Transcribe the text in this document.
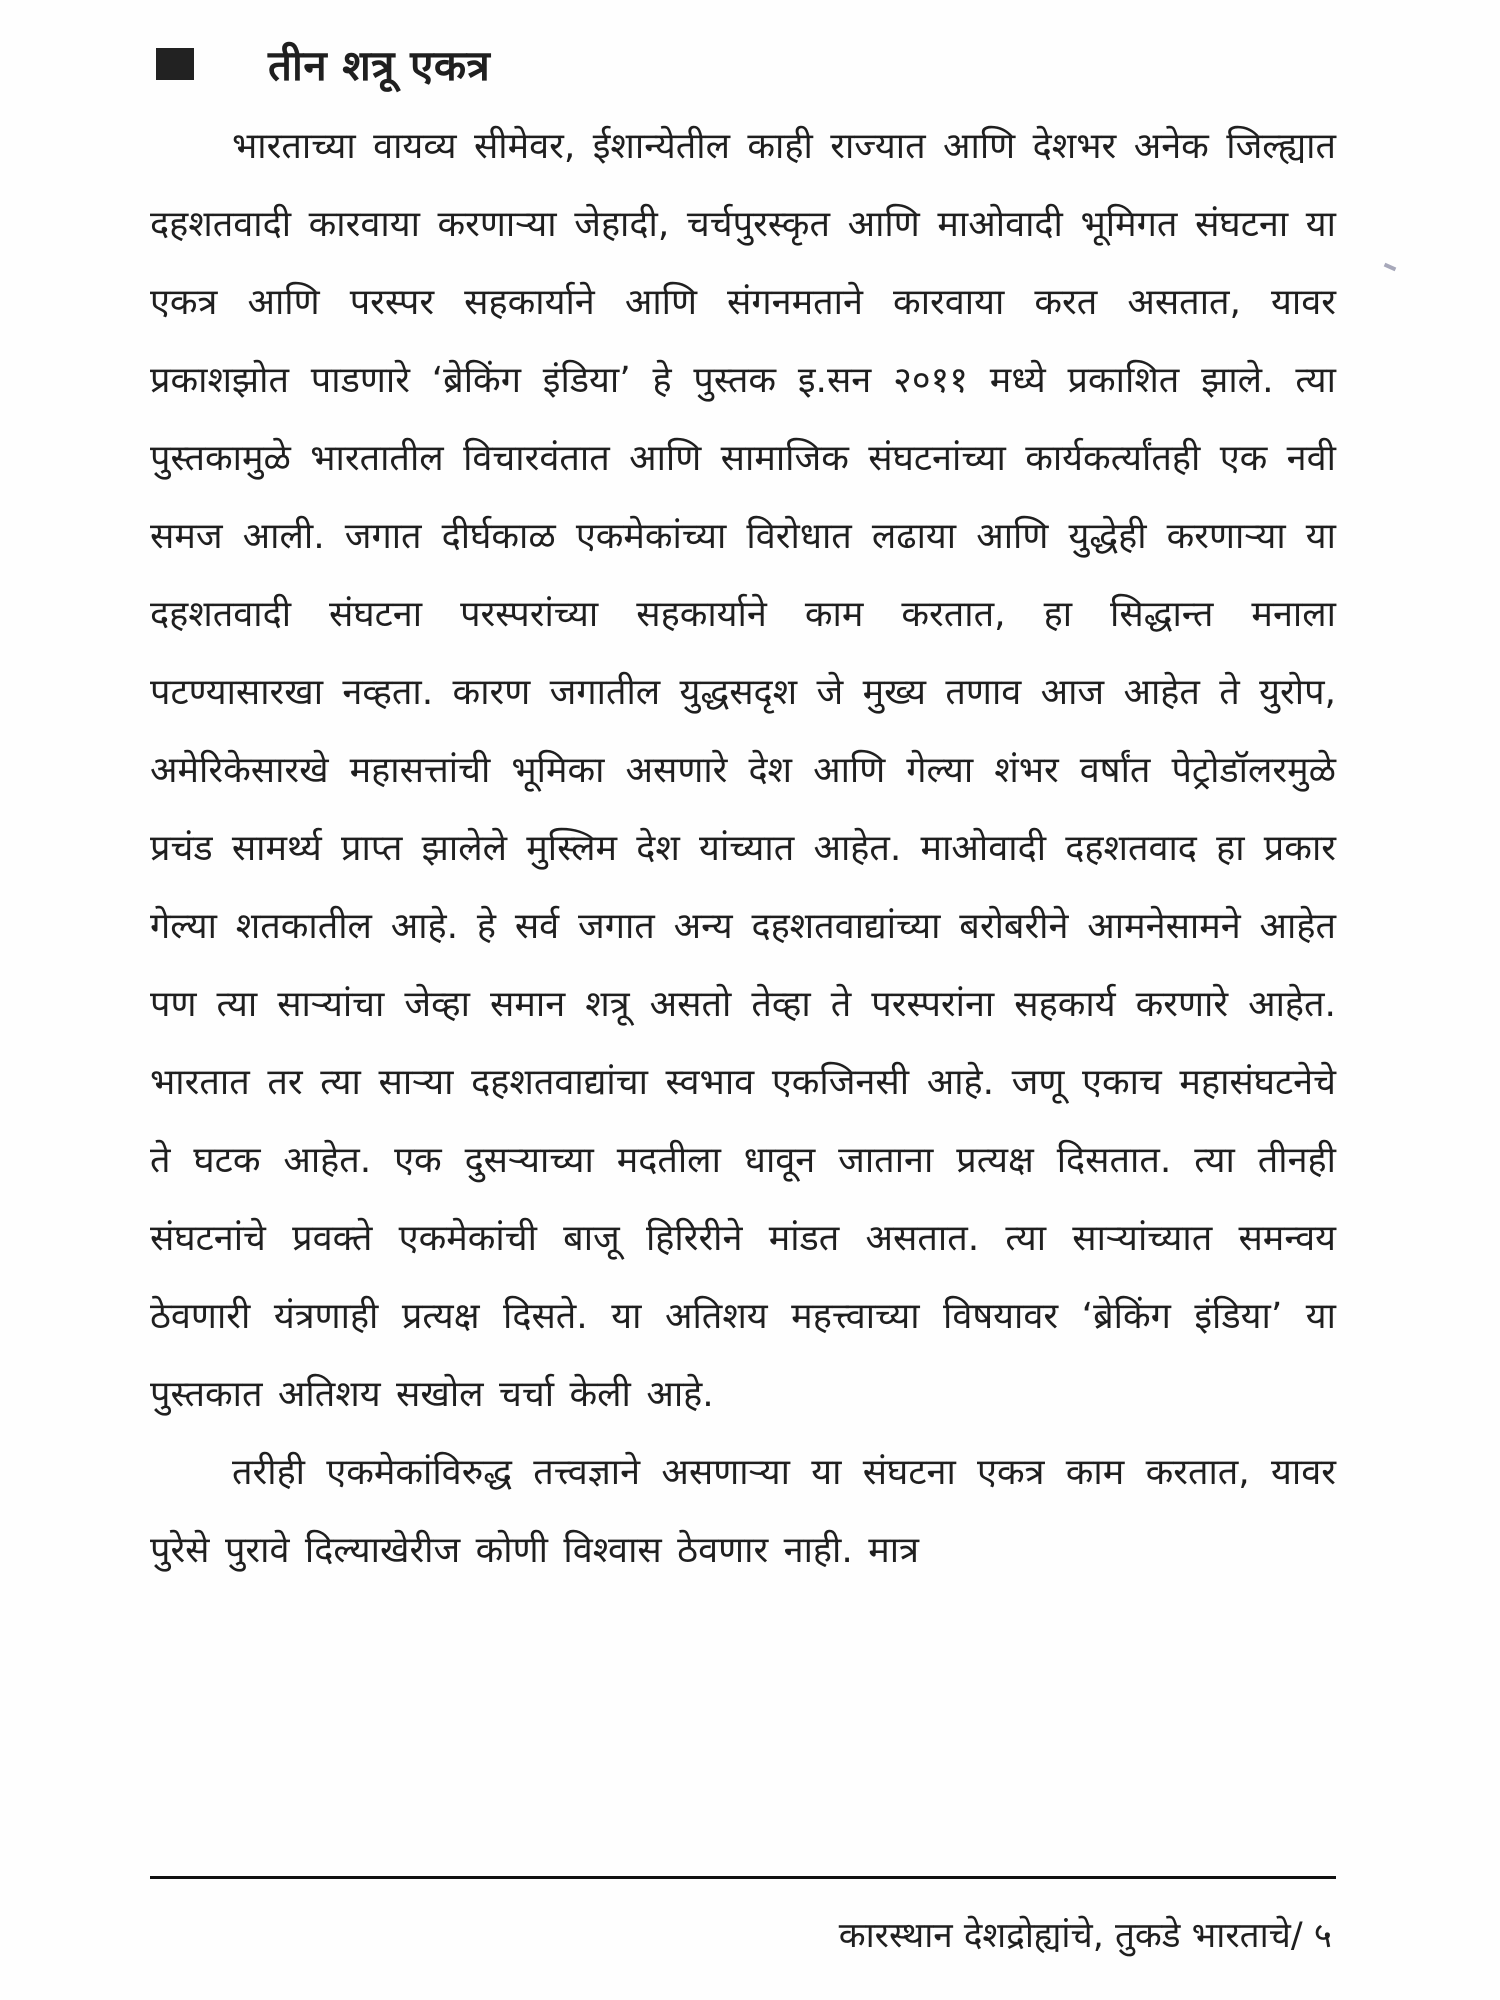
तीन शत्रू एकत्र

भारताच्या वायव्य सीमेवर, ईशान्येतील काही राज्यात आणि देशभर अनेक जिल्ह्यात दहशतवादी कारवाया करणाऱ्या जेहादी, चर्चपुरस्कृत आणि माओवादी भूमिगत संघटना या एकत्र आणि परस्पर सहकार्याने आणि संगनमताने कारवाया करत असतात, यावर प्रकाशझोत पाडणारे ‘ब्रेकिंग इंडिया’ हे पुस्तक इ.सन २०११ मध्ये प्रकाशित झाले. त्या पुस्तकामुळे भारतातील विचारवंतात आणि सामाजिक संघटनांच्या कार्यकर्त्यांतही एक नवी समज आली. जगात दीर्घकाळ एकमेकांच्या विरोधात लढाया आणि युद्धेही करणाऱ्या या दहशतवादी संघटना परस्परांच्या सहकार्याने काम करतात, हा सिद्धान्त मनाला पटण्यासारखा नव्हता. कारण जगातील युद्धसदृश जे मुख्य तणाव आज आहेत ते युरोप, अमेरिकेसारखे महासत्तांची भूमिका असणारे देश आणि गेल्या शंभर वर्षांत पेट्रोडॉलरमुळे प्रचंड सामर्थ्य प्राप्त झालेले मुस्लिम देश यांच्यात आहेत. माओवादी दहशतवाद हा प्रकार गेल्या शतकातील आहे. हे सर्व जगात अन्य दहशतवाद्यांच्या बरोबरीने आमनेसामने आहेत पण त्या साऱ्यांचा जेव्हा समान शत्रू असतो तेव्हा ते परस्परांना सहकार्य करणारे आहेत. भारतात तर त्या साऱ्या दहशतवाद्यांचा स्वभाव एकजिनसी आहे. जणू एकाच महासंघटनेचे ते घटक आहेत. एक दुसऱ्याच्या मदतीला धावून जाताना प्रत्यक्ष दिसतात. त्या तीनही संघटनांचे प्रवक्ते एकमेकांची बाजू हिरिरीने मांडत असतात. त्या साऱ्यांच्यात समन्वय ठेवणारी यंत्रणाही प्रत्यक्ष दिसते. या अतिशय महत्त्वाच्या विषयावर ‘ब्रेकिंग इंडिया’ या पुस्तकात अतिशय सखोल चर्चा केली आहे.

तरीही एकमेकांविरुद्ध तत्त्वज्ञाने असणाऱ्या या संघटना एकत्र काम करतात, यावर पुरेसे पुरावे दिल्याखेरीज कोणी विश्वास ठेवणार नाही. मात्र

कारस्थान देशद्रोह्यांचे, तुकडे भारताचे/ ५
